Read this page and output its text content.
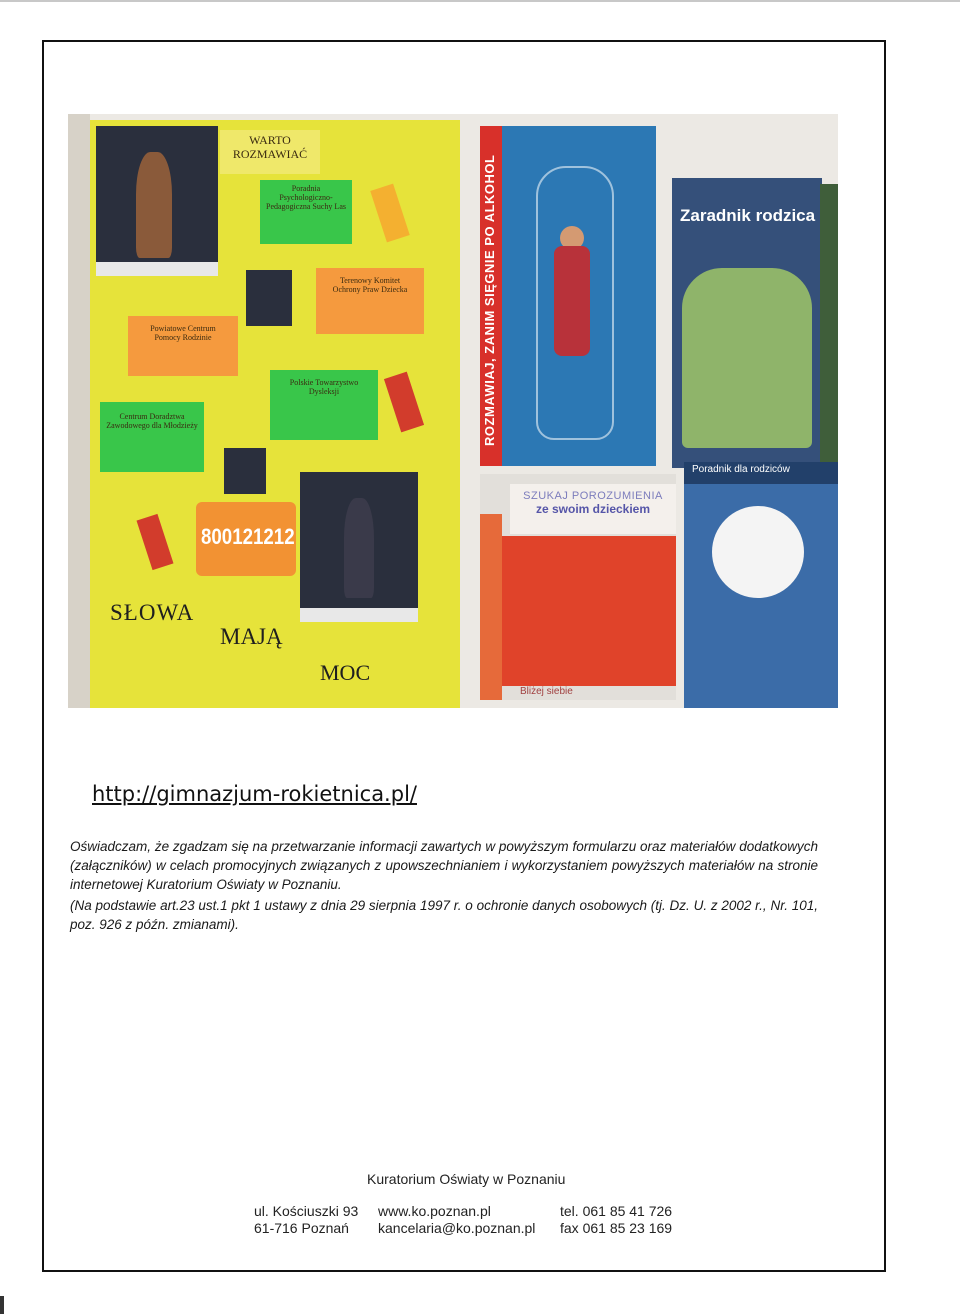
WARTO
ROZMAWIAĆ
Poradnia
Psychologiczno-
Pedagogiczna Suchy Las
Terenowy Komitet
Ochrony Praw Dziecka
Powiatowe Centrum
Pomocy Rodzinie
Polskie Towarzystwo
Dysleksji
Centrum Doradztwa
Zawodowego dla Młodzieży
800121212
SŁOWA
MAJĄ
MOC
ROZMAWIAJ, ZANIM SIĘGNIE PO ALKOHOL	Zaradnik rodzica
SZUKAJ POROZUMIENIA
ze swoim dzieckiem
Bliżej siebie
Poradnik dla rodziców
http://gimnazjum-rokietnica.pl/

Oświadczam, że zgadzam się na przetwarzanie informacji zawartych w powyższym formularzu oraz materiałów dodatkowych (załączników) w celach promocyjnych związanych z upowszechnianiem i wykorzystaniem powyższych materiałów na stronie internetowej Kuratorium Oświaty w Poznaniu.

(Na podstawie art.23 ust.1 pkt 1 ustawy z dnia 29 sierpnia 1997 r. o ochronie danych osobowych (tj. Dz. U. z 2002 r., Nr. 101, poz. 926 z późn. zmianami).

Kuratorium Oświaty w Poznaniu
ul. Kościuszki 93
61-716 Poznań
www.ko.poznan.pl
kancelaria@ko.poznan.pl
tel. 061 85 41 726
fax 061 85 23 169
